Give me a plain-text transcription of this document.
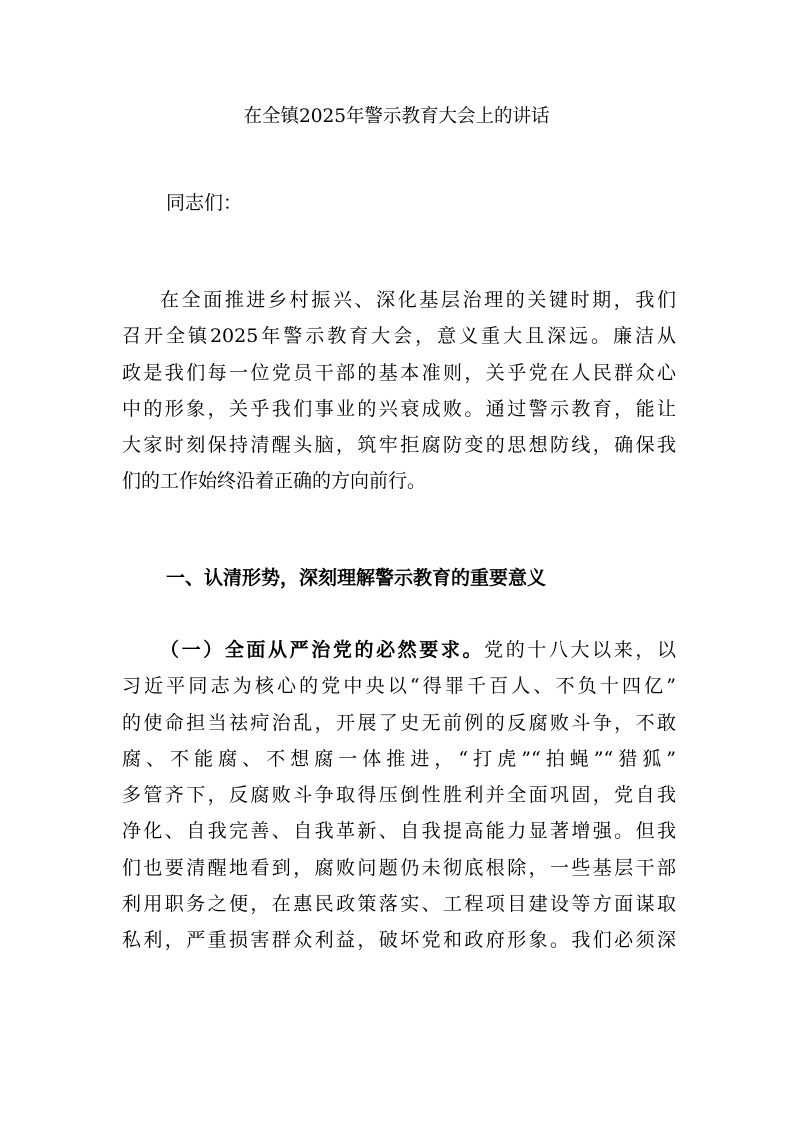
在全镇2025年警示教育大会上的讲话

同志们：

在全面推进乡村振兴、深化基层治理的关键时期，我们
召开全镇2025年警示教育大会，意义重大且深远。廉洁从
政是我们每一位党员干部的基本准则，关乎党在人民群众心
中的形象，关乎我们事业的兴衰成败。通过警示教育，能让
大家时刻保持清醒头脑，筑牢拒腐防变的思想防线，确保我
们的工作始终沿着正确的方向前行。
一、认清形势，深刻理解警示教育的重要意义
（一）全面从严治党的必然要求。党的十八大以来，以
习近平同志为核心的党中央以“得罪千百人、不负十四亿”
的使命担当祛疴治乱，开展了史无前例的反腐败斗争，不敢
腐、不能腐、不想腐一体推进，“打虎”“拍蝇”“猎狐”
多管齐下，反腐败斗争取得压倒性胜利并全面巩固，党自我
净化、自我完善、自我革新、自我提高能力显著增强。但我
们也要清醒地看到，腐败问题仍未彻底根除，一些基层干部
利用职务之便，在惠民政策落实、工程项目建设等方面谋取
私利，严重损害群众利益，破坏党和政府形象。我们必须深
